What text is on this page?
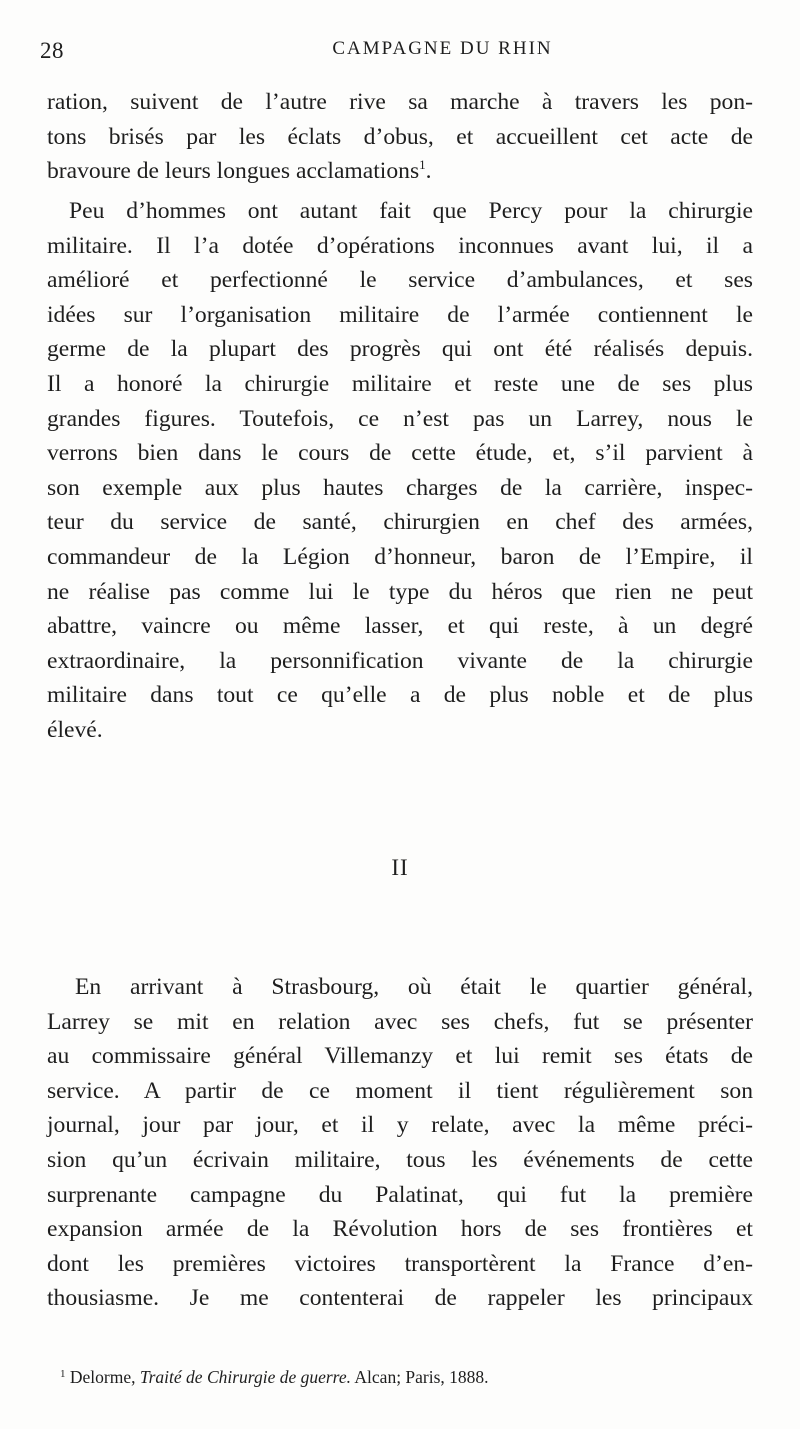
28	CAMPAGNE DU RHIN
ration, suivent de l’autre rive sa marche à travers les pon-
tons brisés par les éclats d’obus, et accueillent cet acte de
bravoure de leurs longues acclamations$^1$.
Peu d’hommes ont autant fait que Percy pour la chirurgie
militaire. Il l’a dotée d’opérations inconnues avant lui, il a
amélioré et perfectionné le service d’ambulances, et ses
idées sur l’organisation militaire de l’armée contiennent le
germe de la plupart des progrès qui ont été réalisés depuis.
Il a honoré la chirurgie militaire et reste une de ses plus
grandes figures. Toutefois, ce n’est pas un Larrey, nous le
verrons bien dans le cours de cette étude, et, s’il parvient à
son exemple aux plus hautes charges de la carrière, inspec-
teur du service de santé, chirurgien en chef des armées,
commandeur de la Légion d’honneur, baron de l’Empire, il
ne réalise pas comme lui le type du héros que rien ne peut
abattre, vaincre ou même lasser, et qui reste, à un degré
extraordinaire, la personnification vivante de la chirurgie
militaire dans tout ce qu’elle a de plus noble et de plus
élevé.
II
En arrivant à Strasbourg, où était le quartier général,
Larrey se mit en relation avec ses chefs, fut se présenter
au commissaire général Villemanzy et lui remit ses états de
service. A partir de ce moment il tient régulièrement son
journal, jour par jour, et il y relate, avec la même préci-
sion qu’un écrivain militaire, tous les événements de cette
surprenante campagne du Palatinat, qui fut la première
expansion armée de la Révolution hors de ses frontières et
dont les premières victoires transportèrent la France d’en-
thousiasme. Je me contenterai de rappeler les principaux
$^1$ Delorme, Traité de Chirurgie de guerre. Alcan; Paris, 1888.
